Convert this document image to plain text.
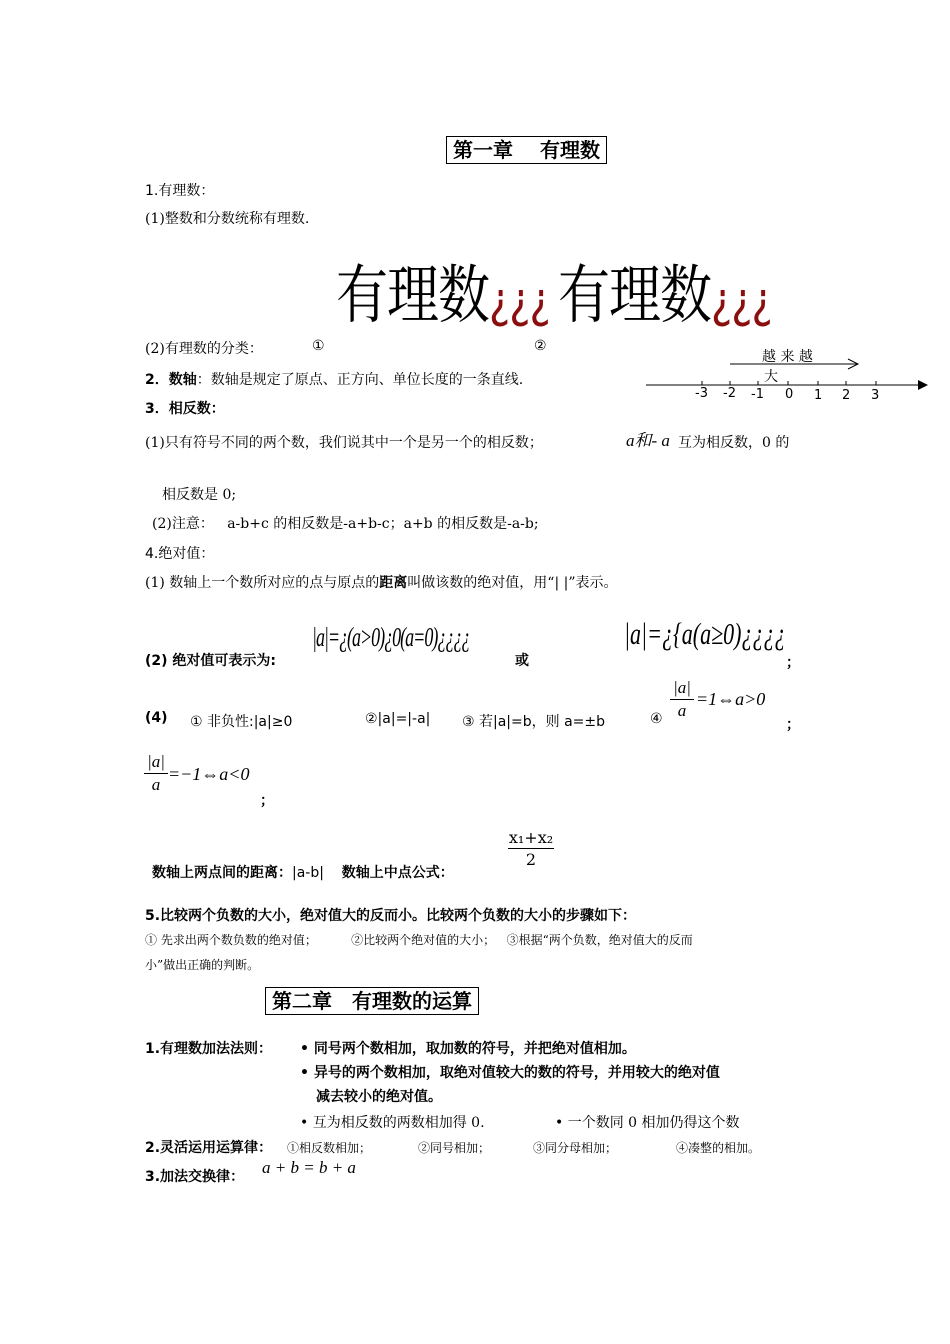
第一章　 有理数
1.有理数：
(1)整数和分数统称有理数.
有理数¿¿¿ 有理数¿¿¿
(2)有理数的分类：	①	②
越 来 越
大
-3 -2 -1 0 1 2 3
2．数轴：数轴是规定了原点、正方向、单位长度的一条直线.
3．相反数：
(1)只有符号不同的两个数，我们说其中一个是另一个的相反数；	a和- a 互为相反数，0 的
相反数是 0;
(2)注意： a-b+c 的相反数是-a+b-c；a+b 的相反数是-a-b;
4.绝对值：
(1) 数轴上一个数所对应的点与原点的距离叫做该数的绝对值，用“| |”表示。
(2) 绝对值可表示为:
|a|=¿(a>0)¿0(a=0)¿¿¿¿
或
|a|=¿{a(a≥0)¿¿¿¿
；
(4) ① 非负性:|a|≥0	②|a|=|-a| ③ 若|a|=b，则 a=±b	④
|a|
a
=1⇔a>0
；
|a|
a
=−1⇔a<0
；
数轴上两点间的距离：|a-b| 数轴上中点公式：
x₁+x₂
2
5.比较两个负数的大小，绝对值大的反而小。比较两个负数的大小的步骤如下：
① 先求出两个数负数的绝对值；	②比较两个绝对值的大小； ③根据“两个负数，绝对值大的反而
小”做出正确的判断。
第二章　有理数的运算
1.有理数加法法则： • 同号两个数相加，取加数的符号，并把绝对值相加。
• 异号的两个数相加，取绝对值较大的数的符号，并用较大的绝对值
减去较小的绝对值。
• 互为相反数的两数相加得 0.	• 一个数同 0 相加仍得这个数
2.灵活运用运算律： ①相反数相加；	②同号相加；	③同分母相加；	④凑整的相加。
3.加法交换律： a + b = b + a
